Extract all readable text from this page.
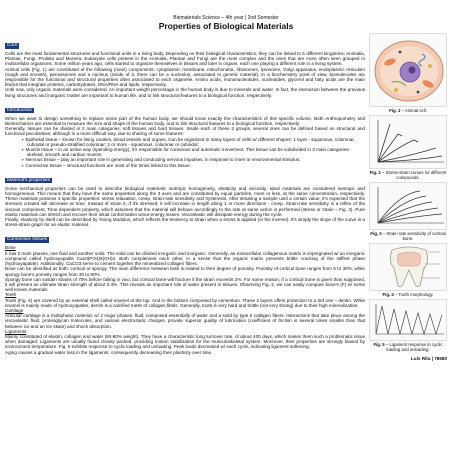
Biomaterials Science – 4th year | 2nd Semester
Properties of Biological Materials
Fig. 1 – Animal cell.
Fig. 2 – Stress-strain curves for different compounds.
Fig. 3 – Strain rate sensitivity of cortical bone.
Fig. 4 – Tooth morphology.
Fig. 5 – Ligament response to cyclic loading and unloading.
Core

Cells are the most fundamental structures and functional units in a living body. Depending on their biological characteristics, they can be linked to 5 different kingdoms: Animalia, Plantae, Fungi, Protista and Monera. Eukaryote cells present in the Animalia, Plantae and Fungi are the most complex and the ones that are more often seen grouped in multicellular organisms. Some million years ago, cells started to organize themselves in tissues and later in organs, each one playing a different role in a living system.

Animal cells (Fig. 1) are constituted of the following (main) components: cytoplasmic membrane, mitochondria, ribosomes, lysosome, Golgi apparatus, endoplasmic reticulum (rough and smooth), peroxisomes and a nucleus (inside of it, there can be a nucleolus, associated to genetic material). In a biochemistry point of view, biomolecules are responsible for the functional and structural properties often associated to each organelle. Amino acids, mononucleotides, nucleotides, glycerol and fatty acids are the main blocks that integrate proteins, carbohydrates, DNA/RNA and lipids, respectively.

Until now, only organic materials were considered. An important weight percentage in the human body is due to minerals and water. In fact, the interaction between the previous living structures and inorganic matter are important to human life, and to link structural features to a biological function, respectively.

Introduction

When we want to design something to replace some part of the human body, we should know exactly the characteristics of this specific volume. Both Anthropometry and Biomechanics are essential to measure the size and shape of the human body, and to link structural features to a biological function, respectively.

Generally, tissues can be divided in 2 main categories: soft tissues and hard tissues. Inside each of these 2 groups, several ones can be defined based on structural and functional peculiarities, although in a more difficult way, due to sharing of some features:

➢ Epithelial tissue – known for lining cavities, blood vessels and organs. Can be organized in many layers of cells w/ different shapes: 1 layer - squamous, columnar, cuboidal or pseudo-stratified columnar; 2 or more - squamous, columnar or cuboidal;

➢ Muscle tissue – in an active way (spending energy), it's responsible for conscious and automatic movement. This tissue can be subdivided in 3 main categories: skeletal, smooth and cardiac muscle;

➢ Nervous tissue – play an important role in generating and conducting nervous impulses, in response to inner or environmental stimulus;

➢ Connective tissue – structural functions are most of the times linked to this tissue.

Material's properties

Some mechanical properties can be used to describe biological materials: isotropic homogeneity, elasticity and viscosity. Ideal materials are considered isotropic and homogeneous. This means that they have the same properties along the 3 axes and are constituted by equal particles, more or less, at the same concentration, respectively. These materials possess 4 specific properties: stress relaxation, creep, strain-rate sensitivity and hysteresis. After straining a sample until a certain value, it's expected that the stresses created will decrease w/ time. Instead of strain it, if it's stressed, it will increase in length along 1 or more directions - creep. Strain-rate sensitivity is a reflex of the viscous component. Time dependent property, which assumes that the material will behave accordingly to the rate at same action is performed (stress or strain – Fig. 3). Pure elastic materials can stretch and recover their initial conformation w/out energy losses. Viscoelastic will dissipate energy during the cycle.

Finally, elasticity by itself can be described by Young Modulus, which reflects the tendency to strain when a stress is applied (or the inverse). It's simply the slope of the curve in a stress-strain graph for an elastic material.

Connective tissues
Bone

It has 2 main phases, one fluid and another solid. The solid can be divided inorganic and inorganic. Generally, an extracellular collagenous matrix is impregnated w/ an inorganic compound called hydroxyapatite Ca10(PO4)6(OH)2. Both complement each other, in a sense that the organic matrix prevents brittle cracking of the stiffest phase (hydroxyapatite). Additionally, CaCO3 serve to cement together the mineralized collagen fibers.

Bone can be identified as both: cortical or spongy. The main difference between both is related to their degree of porosity. Porosity of cortical bone ranges from 5 to 30%, while spongy bone's porosity ranges from 30 to 90%.

Spongy bone can sustain strains of 75% before failing in vivo, but cortical bone will fracture if the strain exceeds 2%. For some reason, if a cortical bone is given than supposed, it will present an ultimate strain strength of about 0.4%. This reveals an important role of water present in tissues. Observing Fig. 2, we can easily compare bone's (F) w/ some well known materials.

Teeth

Tooth (Fig. 4) are covered by an external shell called enamel at the top. And in the bottom composed by cementum. These 2 layers offers protection to a 3rd one – dentin. While enamel is mainly made of hydroxyapatite, dentin is a calcified mesh of collagen fibrils. Generally, tooth is very hard and brittle (not very strong) due to their high mineralization.

Cartilage

Articular cartilage is a multiphasic material, w/ 2 major phases: fluid, composed essentially of water and a solid by type II collagen fibers. Interactions that take place among the viscoelastic fluid, proteoglycan molecules, and various electrostatic charges, provide superior quality of lubrication (coefficient of friction is several times smaller than that between ice and an ice skate) and shock absorption.

Ligaments

Mainly constituted of elastin, collagen and water (60-80% weight). They have a characteristic long turnover rate, of about 400 days, which makes them such a problematic issue when damaged. Ligaments are usually found closely packed, providing motion stabilization for the musculoskeletal system. Moreover, their properties are strongly biased by environment temperature. Fig. 5 exhibits response to cyclic loading and unloading. Peak loads decreased w/ each cycle, indicating ligament softening.

Aging causes a gradual water loss in the ligaments, consequently decreasing their plasticity over time.

Luís Rita | 78680
